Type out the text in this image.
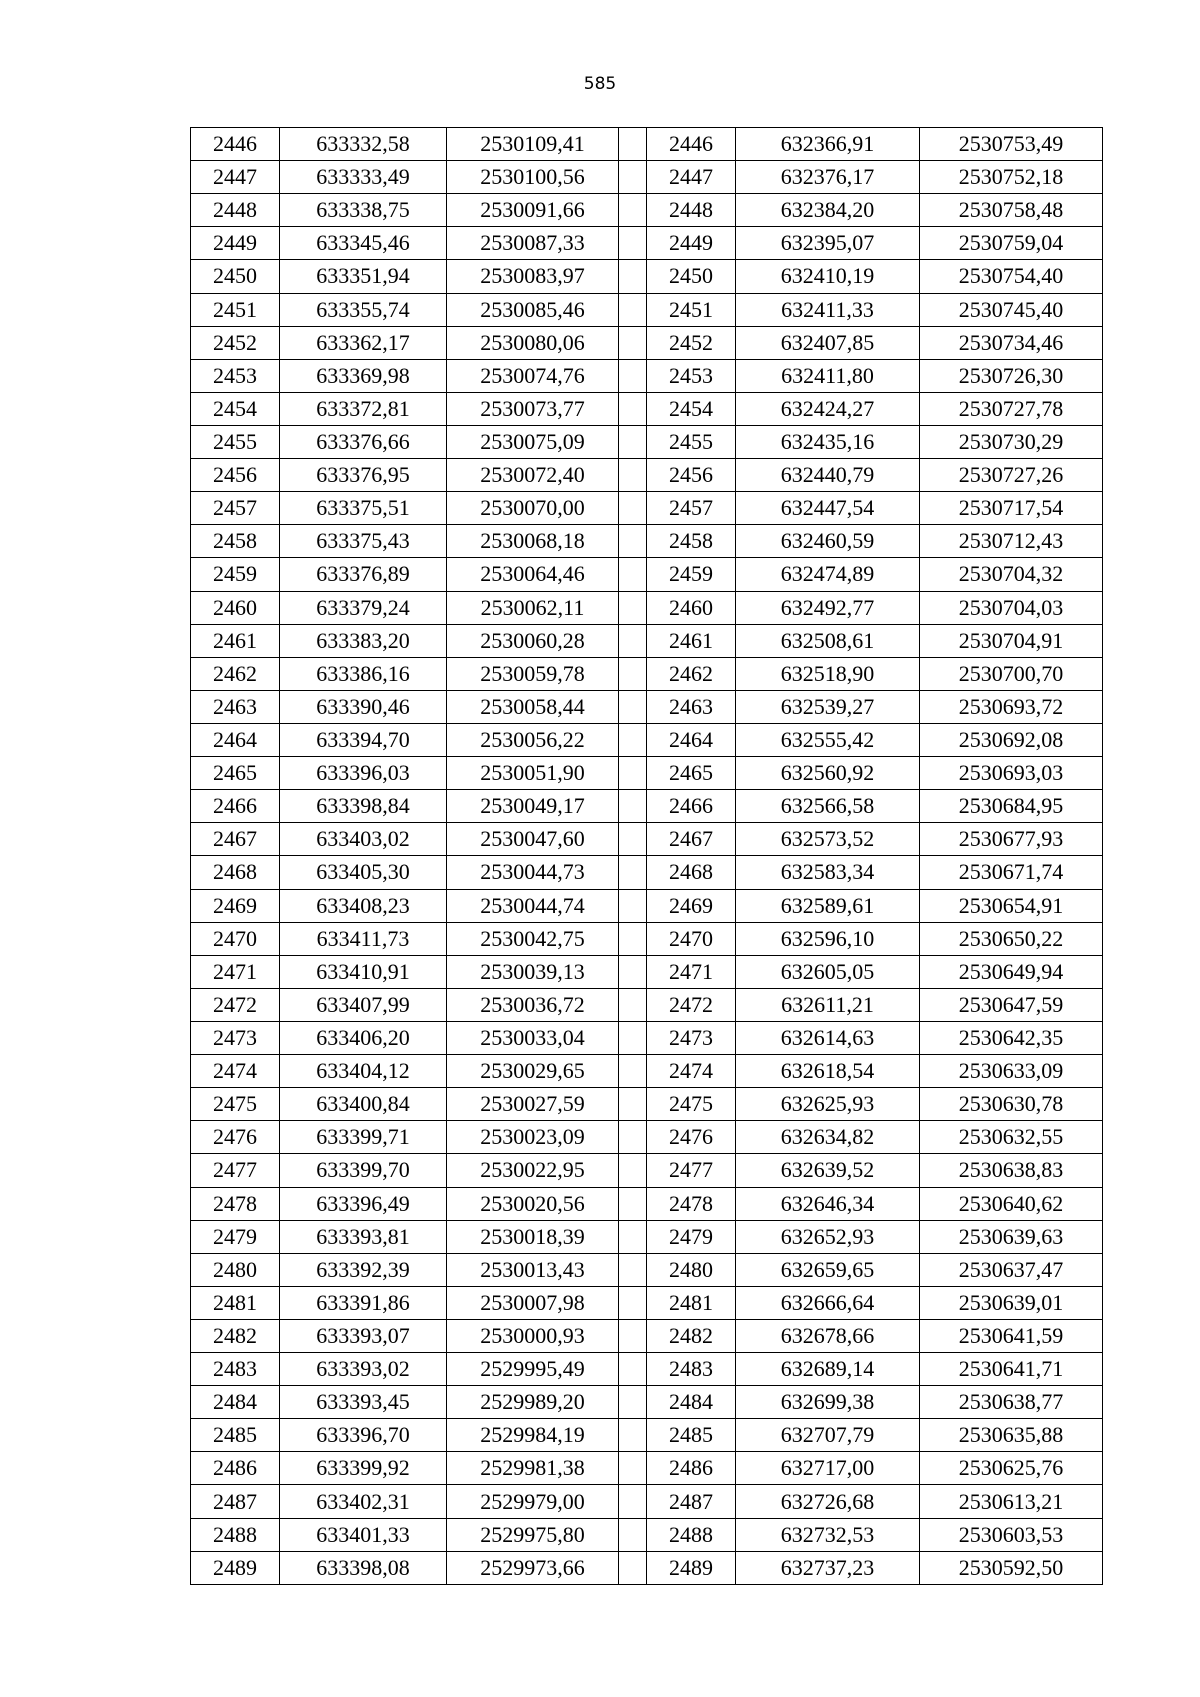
585
2446	633332,58	2530109,41		2446	632366,91	2530753,49
2447	633333,49	2530100,56		2447	632376,17	2530752,18
2448	633338,75	2530091,66		2448	632384,20	2530758,48
2449	633345,46	2530087,33		2449	632395,07	2530759,04
2450	633351,94	2530083,97		2450	632410,19	2530754,40
2451	633355,74	2530085,46		2451	632411,33	2530745,40
2452	633362,17	2530080,06		2452	632407,85	2530734,46
2453	633369,98	2530074,76		2453	632411,80	2530726,30
2454	633372,81	2530073,77		2454	632424,27	2530727,78
2455	633376,66	2530075,09		2455	632435,16	2530730,29
2456	633376,95	2530072,40		2456	632440,79	2530727,26
2457	633375,51	2530070,00		2457	632447,54	2530717,54
2458	633375,43	2530068,18		2458	632460,59	2530712,43
2459	633376,89	2530064,46		2459	632474,89	2530704,32
2460	633379,24	2530062,11		2460	632492,77	2530704,03
2461	633383,20	2530060,28		2461	632508,61	2530704,91
2462	633386,16	2530059,78		2462	632518,90	2530700,70
2463	633390,46	2530058,44		2463	632539,27	2530693,72
2464	633394,70	2530056,22		2464	632555,42	2530692,08
2465	633396,03	2530051,90		2465	632560,92	2530693,03
2466	633398,84	2530049,17		2466	632566,58	2530684,95
2467	633403,02	2530047,60		2467	632573,52	2530677,93
2468	633405,30	2530044,73		2468	632583,34	2530671,74
2469	633408,23	2530044,74		2469	632589,61	2530654,91
2470	633411,73	2530042,75		2470	632596,10	2530650,22
2471	633410,91	2530039,13		2471	632605,05	2530649,94
2472	633407,99	2530036,72		2472	632611,21	2530647,59
2473	633406,20	2530033,04		2473	632614,63	2530642,35
2474	633404,12	2530029,65		2474	632618,54	2530633,09
2475	633400,84	2530027,59		2475	632625,93	2530630,78
2476	633399,71	2530023,09		2476	632634,82	2530632,55
2477	633399,70	2530022,95		2477	632639,52	2530638,83
2478	633396,49	2530020,56		2478	632646,34	2530640,62
2479	633393,81	2530018,39		2479	632652,93	2530639,63
2480	633392,39	2530013,43		2480	632659,65	2530637,47
2481	633391,86	2530007,98		2481	632666,64	2530639,01
2482	633393,07	2530000,93		2482	632678,66	2530641,59
2483	633393,02	2529995,49		2483	632689,14	2530641,71
2484	633393,45	2529989,20		2484	632699,38	2530638,77
2485	633396,70	2529984,19		2485	632707,79	2530635,88
2486	633399,92	2529981,38		2486	632717,00	2530625,76
2487	633402,31	2529979,00		2487	632726,68	2530613,21
2488	633401,33	2529975,80		2488	632732,53	2530603,53
2489	633398,08	2529973,66		2489	632737,23	2530592,50
